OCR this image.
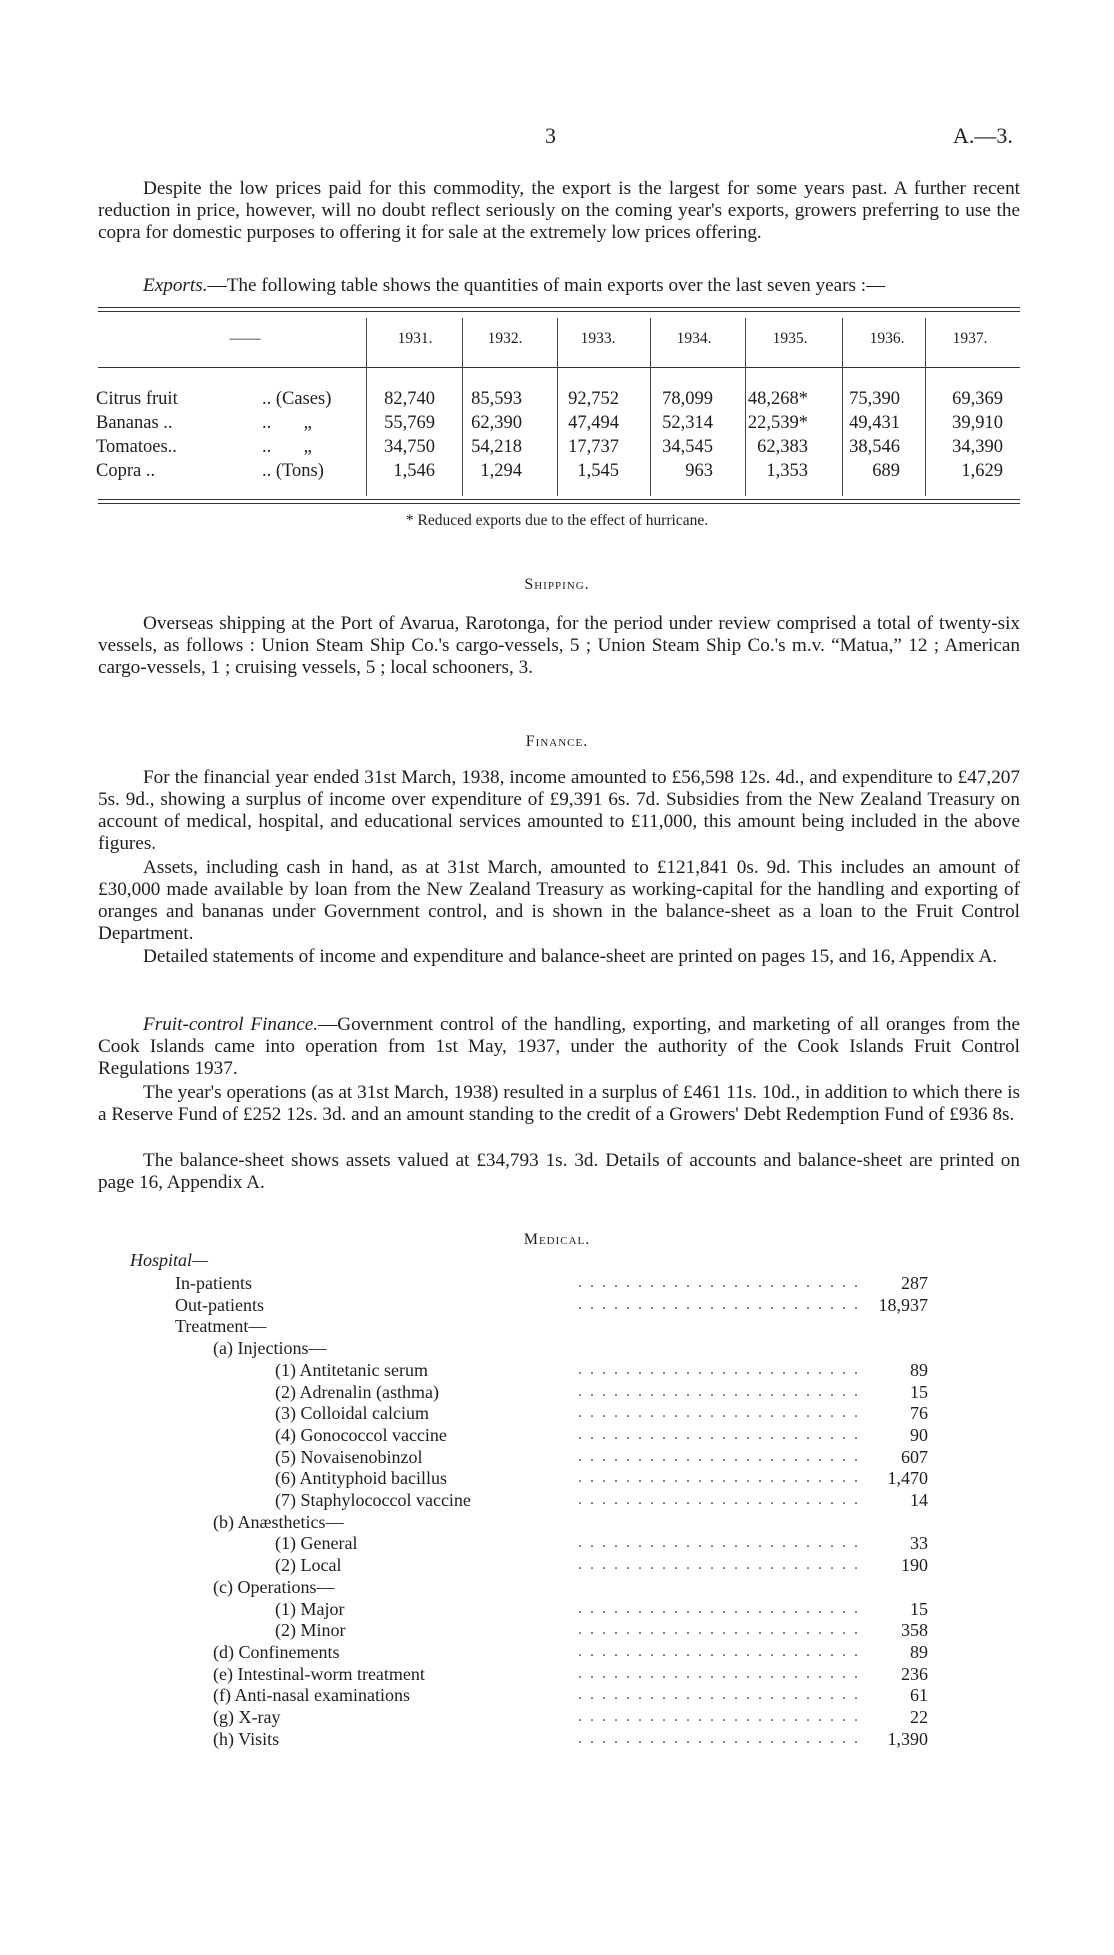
3	A.—3.

Despite the low prices paid for this commodity, the export is the largest for some years past. A further recent reduction in price, however, will no doubt reflect seriously on the coming year's exports, growers preferring to use the copra for domestic purposes to offering it for sale at the extremely low prices offering.

Exports.—The following table shows the quantities of main exports over the last seven years :—

——	1931.	1932.	1933.	1934.	1935.	1936.	1937.
Citrus fruit	.. (Cases)	82,740	85,593	92,752	78,099	48,268*	75,390	69,369
Bananas ..	..       „	55,769	62,390	47,494	52,314	22,539*	49,431	39,910
Tomatoes..	..       „	34,750	54,218	17,737	34,545	62,383	38,546	34,390
Copra ..	.. (Tons)	1,546	1,294	1,545	963	1,353	689	1,629
* Reduced exports due to the effect of hurricane.
Shipping.

Overseas shipping at the Port of Avarua, Rarotonga, for the period under review comprised a total of twenty-six vessels, as follows : Union Steam Ship Co.'s cargo-vessels, 5 ; Union Steam Ship Co.'s m.v. “Matua,” 12 ; American cargo-vessels, 1 ; cruising vessels, 5 ; local schooners, 3.

Finance.

For the financial year ended 31st March, 1938, income amounted to £56,598 12s. 4d., and expenditure to £47,207 5s. 9d., showing a surplus of income over expenditure of £9,391 6s. 7d. Subsidies from the New Zealand Treasury on account of medical, hospital, and educational services amounted to £11,000, this amount being included in the above figures.

Assets, including cash in hand, as at 31st March, amounted to £121,841 0s. 9d. This includes an amount of £30,000 made available by loan from the New Zealand Treasury as working-capital for the handling and exporting of oranges and bananas under Government control, and is shown in the balance-sheet as a loan to the Fruit Control Department.

Detailed statements of income and expenditure and balance-sheet are printed on pages 15, and 16, Appendix A.

Fruit-control Finance.—Government control of the handling, exporting, and marketing of all oranges from the Cook Islands came into operation from 1st May, 1937, under the authority of the Cook Islands Fruit Control Regulations 1937.

The year's operations (as at 31st March, 1938) resulted in a surplus of £461 11s. 10d., in addition to which there is a Reserve Fund of £252 12s. 3d. and an amount standing to the credit of a Growers' Debt Redemption Fund of £936 8s.

The balance-sheet shows assets valued at £34,793 1s. 3d. Details of accounts and balance-sheet are printed on page 16, Appendix A.

Medical.
Hospital—
. . . . . . . . . . . . . . . . . . . . . . . .
In-patients	287
. . . . . . . . . . . . . . . . . . . . . . . .
Out-patients	18,937
Treatment—
(a) Injections—
. . . . . . . . . . . . . . . . . . . . . . . .
(1) Antitetanic serum	89
. . . . . . . . . . . . . . . . . . . . . . . .
(2) Adrenalin (asthma)	15
. . . . . . . . . . . . . . . . . . . . . . . .
(3) Colloidal calcium	76
. . . . . . . . . . . . . . . . . . . . . . . .
(4) Gonococcol vaccine	90
. . . . . . . . . . . . . . . . . . . . . . . .
(5) Novaisenobinzol	607
. . . . . . . . . . . . . . . . . . . . . . . .
(6) Antityphoid bacillus	1,470
. . . . . . . . . . . . . . . . . . . . . . . .
(7) Staphylococcol vaccine	14
(b) Anæsthetics—
. . . . . . . . . . . . . . . . . . . . . . . .
(1) General	33
. . . . . . . . . . . . . . . . . . . . . . . .
(2) Local	190
(c) Operations—
. . . . . . . . . . . . . . . . . . . . . . . .
(1) Major	15
. . . . . . . . . . . . . . . . . . . . . . . .
(2) Minor	358
. . . . . . . . . . . . . . . . . . . . . . . .
(d) Confinements	89
. . . . . . . . . . . . . . . . . . . . . . . .
(e) Intestinal-worm treatment	236
. . . . . . . . . . . . . . . . . . . . . . . .
(f) Anti-nasal examinations	61
. . . . . . . . . . . . . . . . . . . . . . . .
(g) X-ray	22
. . . . . . . . . . . . . . . . . . . . . . . .
(h) Visits	1,390
